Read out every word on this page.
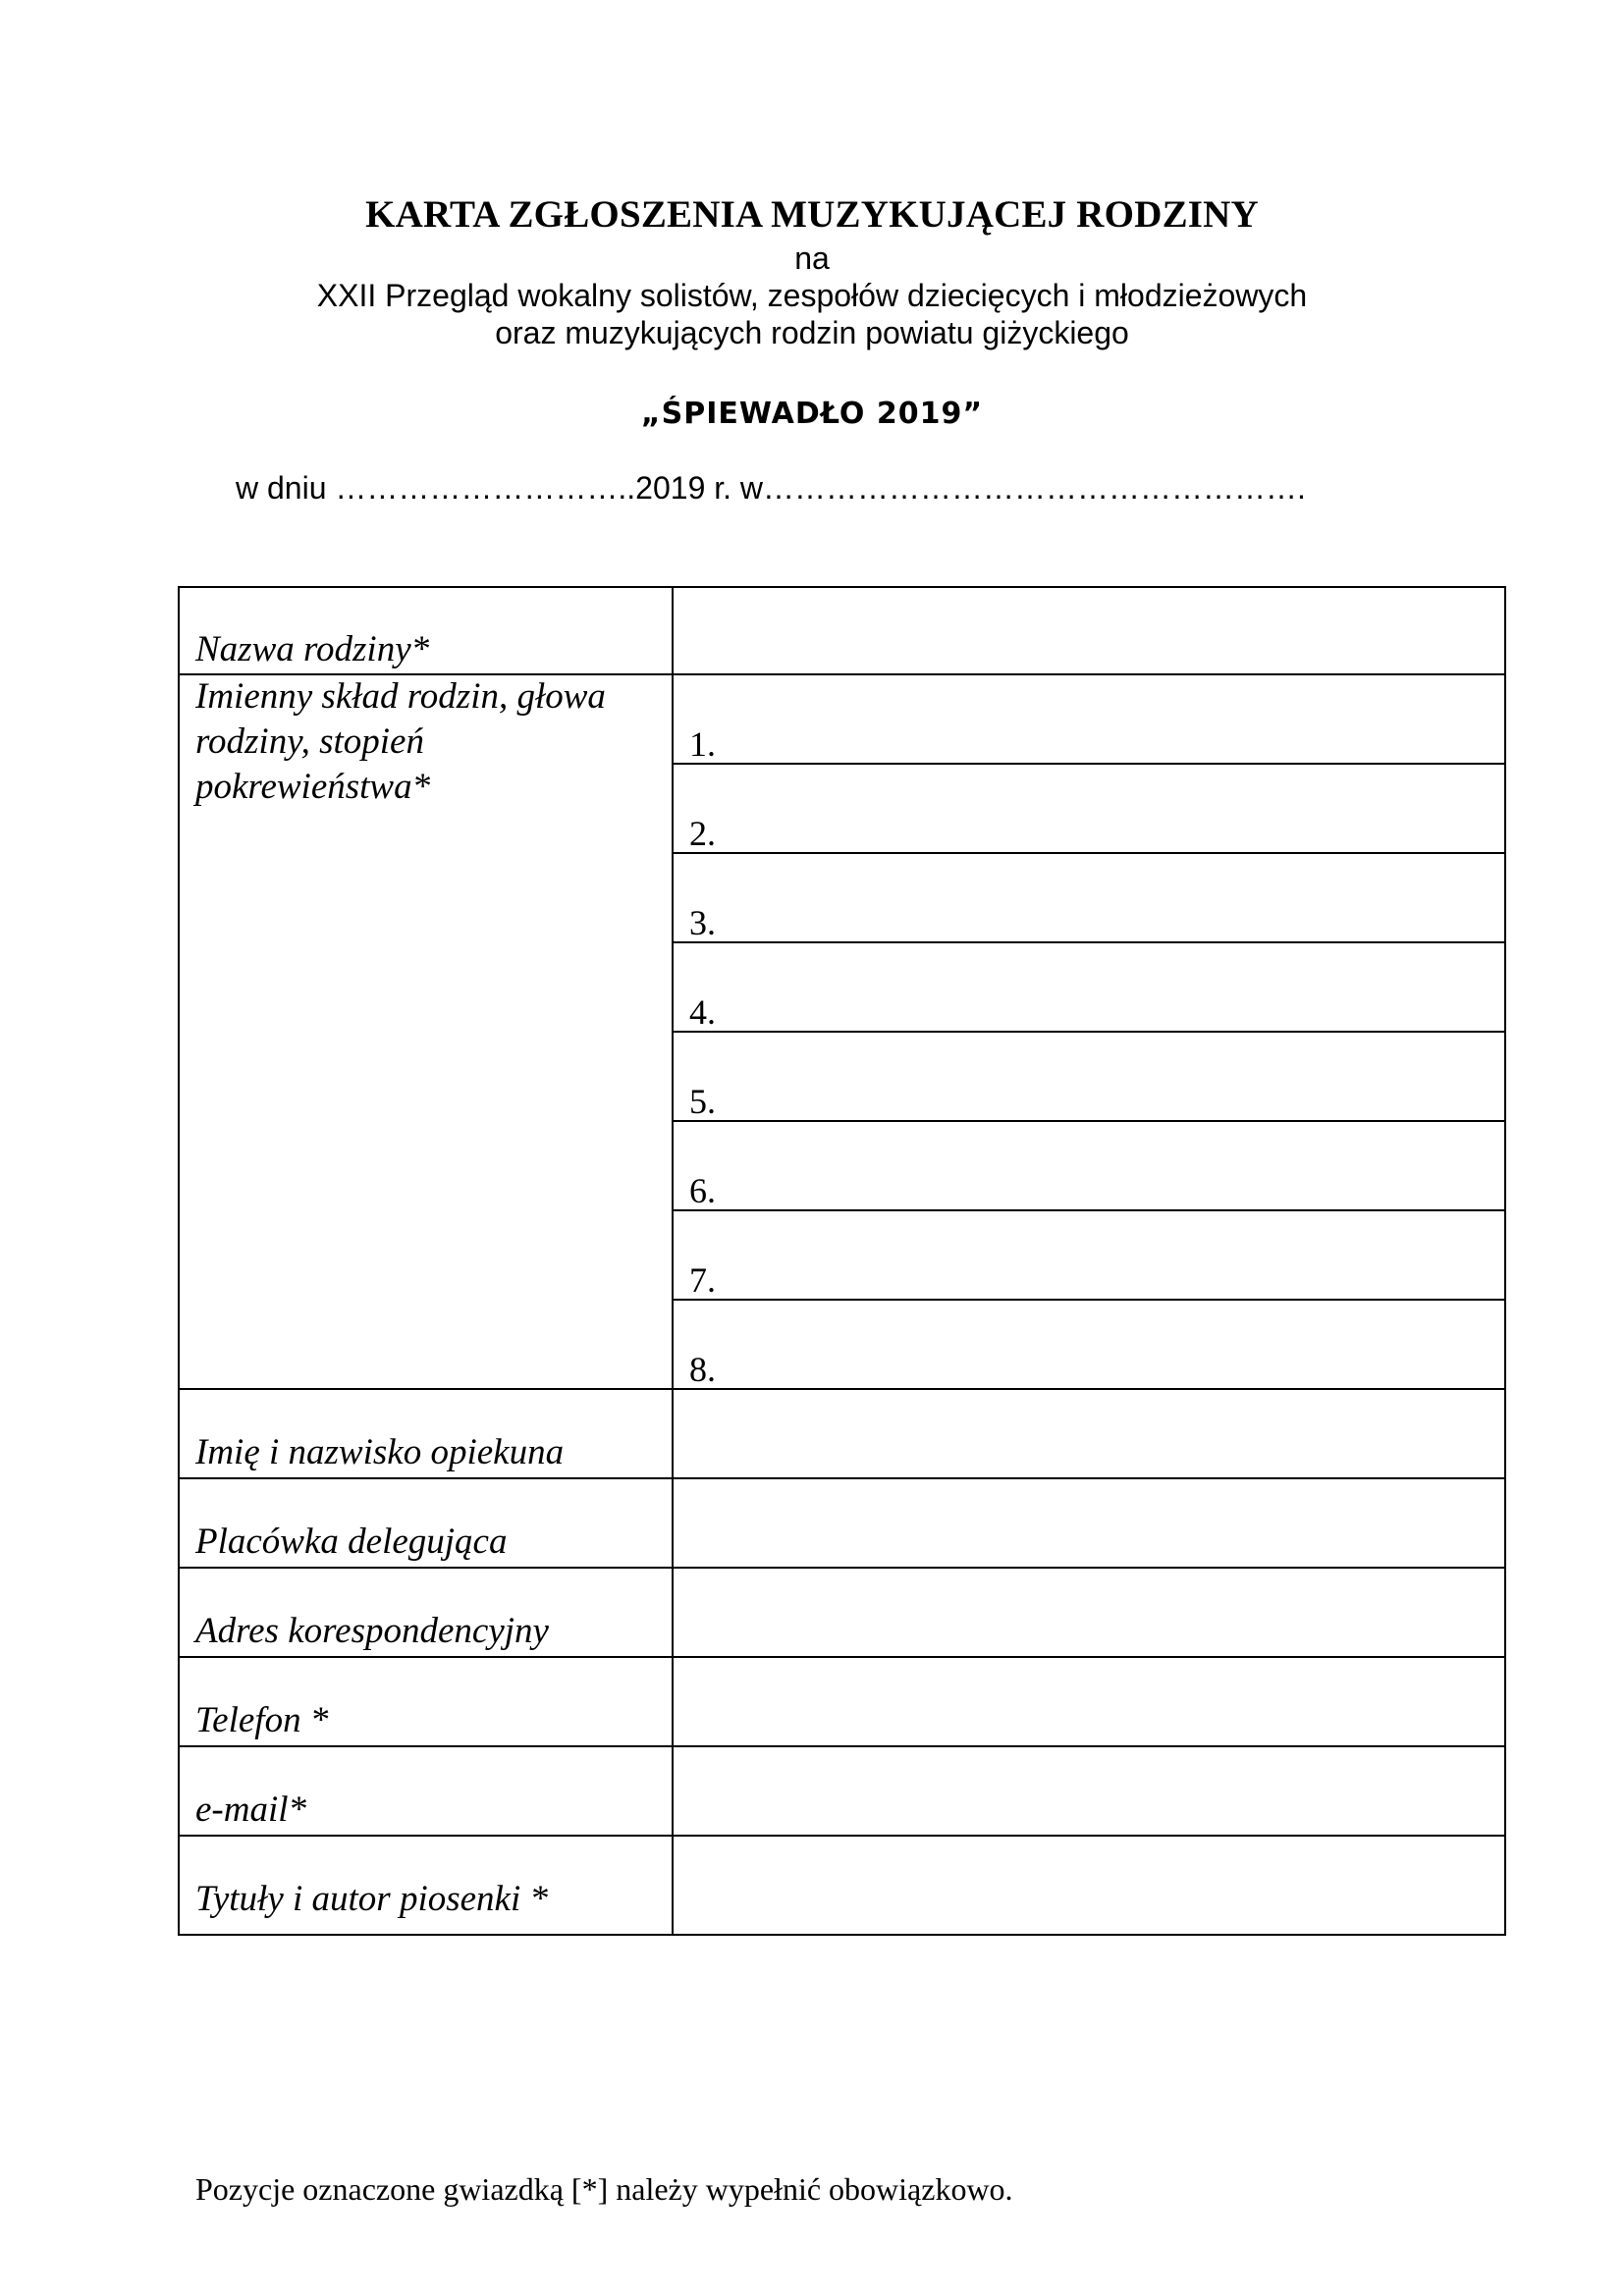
KARTA ZGŁOSZENIA MUZYKUJĄCEJ RODZINY
na
XXII Przegląd wokalny solistów, zespołów dziecięcych i młodzieżowych
oraz muzykujących rodzin powiatu giżyckiego
„ŚPIEWADŁO 2019”
w dniu ………………………..2019 r. w…………………………………………….
Nazwa rodziny*
Imienny skład rodzin, głowa rodziny, stopień pokrewieństwa*
Imię i nazwisko opiekuna
Placówka delegująca
Adres korespondencyjny
Telefon *
e-mail*
Tytuły i autor piosenki *
1.
2.
3.
4.
5.
6.
7.
8.
Pozycje oznaczone gwiazdką [*] należy wypełnić obowiązkowo.
